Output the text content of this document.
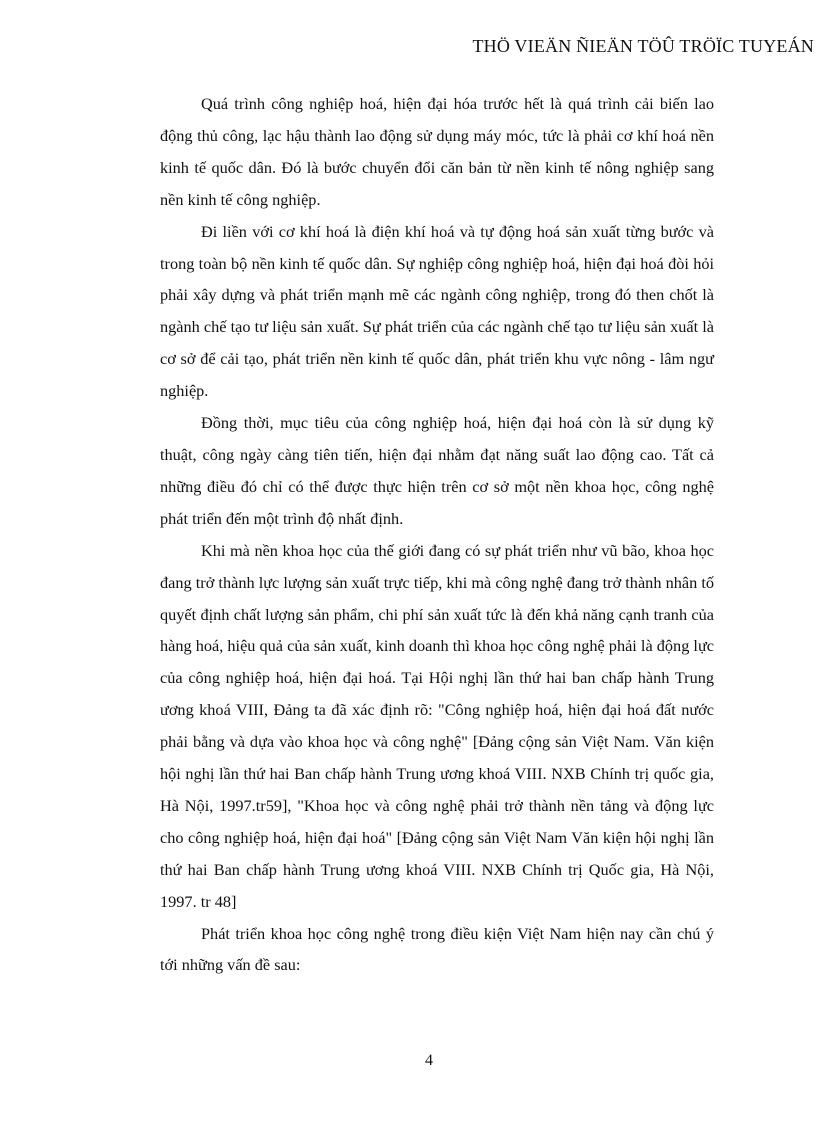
THÖ VIEÄN ÑIEÄN TÖÛ TRÖÏC TUYEÁN

Quá trình công nghiệp hoá, hiện đại hóa trước hết là quá trình cải biến lao động thủ công, lạc hậu thành lao động sử dụng máy móc, tức là phải cơ khí hoá nền kinh tế quốc dân. Đó là bước chuyển đổi căn bản từ nền kinh tế nông nghiệp sang nền kinh tế công nghiệp.

Đi liền với cơ khí hoá là điện khí hoá và tự động hoá sản xuất từng bước và trong toàn bộ nền kinh tế quốc dân. Sự nghiệp công nghiệp hoá, hiện đại hoá đòi hỏi phải xây dựng và phát triển mạnh mẽ các ngành công nghiệp, trong đó then chốt là ngành chế tạo tư liệu sản xuất. Sự phát triển của các ngành chế tạo tư liệu sản xuất là cơ sở để cải tạo, phát triển nền kinh tế quốc dân, phát triển khu vực nông - lâm ngư nghiệp.

Đồng thời, mục tiêu của công nghiệp hoá, hiện đại hoá còn là sử dụng kỹ thuật, công ngày càng tiên tiến, hiện đại nhằm đạt năng suất lao động cao. Tất cả những điều đó chỉ có thể được thực hiện trên cơ sở một nền khoa học, công nghệ phát triển đến một trình độ nhất định.

Khi mà nền khoa học của thế giới đang có sự phát triển như vũ bão, khoa học đang trở thành lực lượng sản xuất trực tiếp, khi mà công nghệ đang trở thành nhân tố quyết định chất lượng sản phẩm, chi phí sản xuất tức là đến khả năng cạnh tranh của hàng hoá, hiệu quả của sản xuất, kinh doanh thì khoa học công nghệ phải là động lực của công nghiệp hoá, hiện đại hoá. Tại Hội nghị lần thứ hai ban chấp hành Trung ương khoá VIII, Đảng ta đã xác định rõ: "Công nghiệp hoá, hiện đại hoá đất nước phải bằng và dựa vào khoa học và công nghệ" [Đảng cộng sản Việt Nam. Văn kiện hội nghị lần thứ hai Ban chấp hành Trung ương khoá VIII. NXB Chính trị quốc gia, Hà Nội, 1997.tr59], "Khoa học và công nghệ phải trở thành nền tảng và động lực cho công nghiệp hoá, hiện đại hoá" [Đảng cộng sản Việt Nam Văn kiện hội nghị lần thứ hai Ban chấp hành Trung ương khoá VIII. NXB Chính trị Quốc gia, Hà Nội, 1997. tr 48]

Phát triển khoa học công nghệ trong điều kiện Việt Nam hiện nay cần chú ý tới những vấn đề sau:

4
